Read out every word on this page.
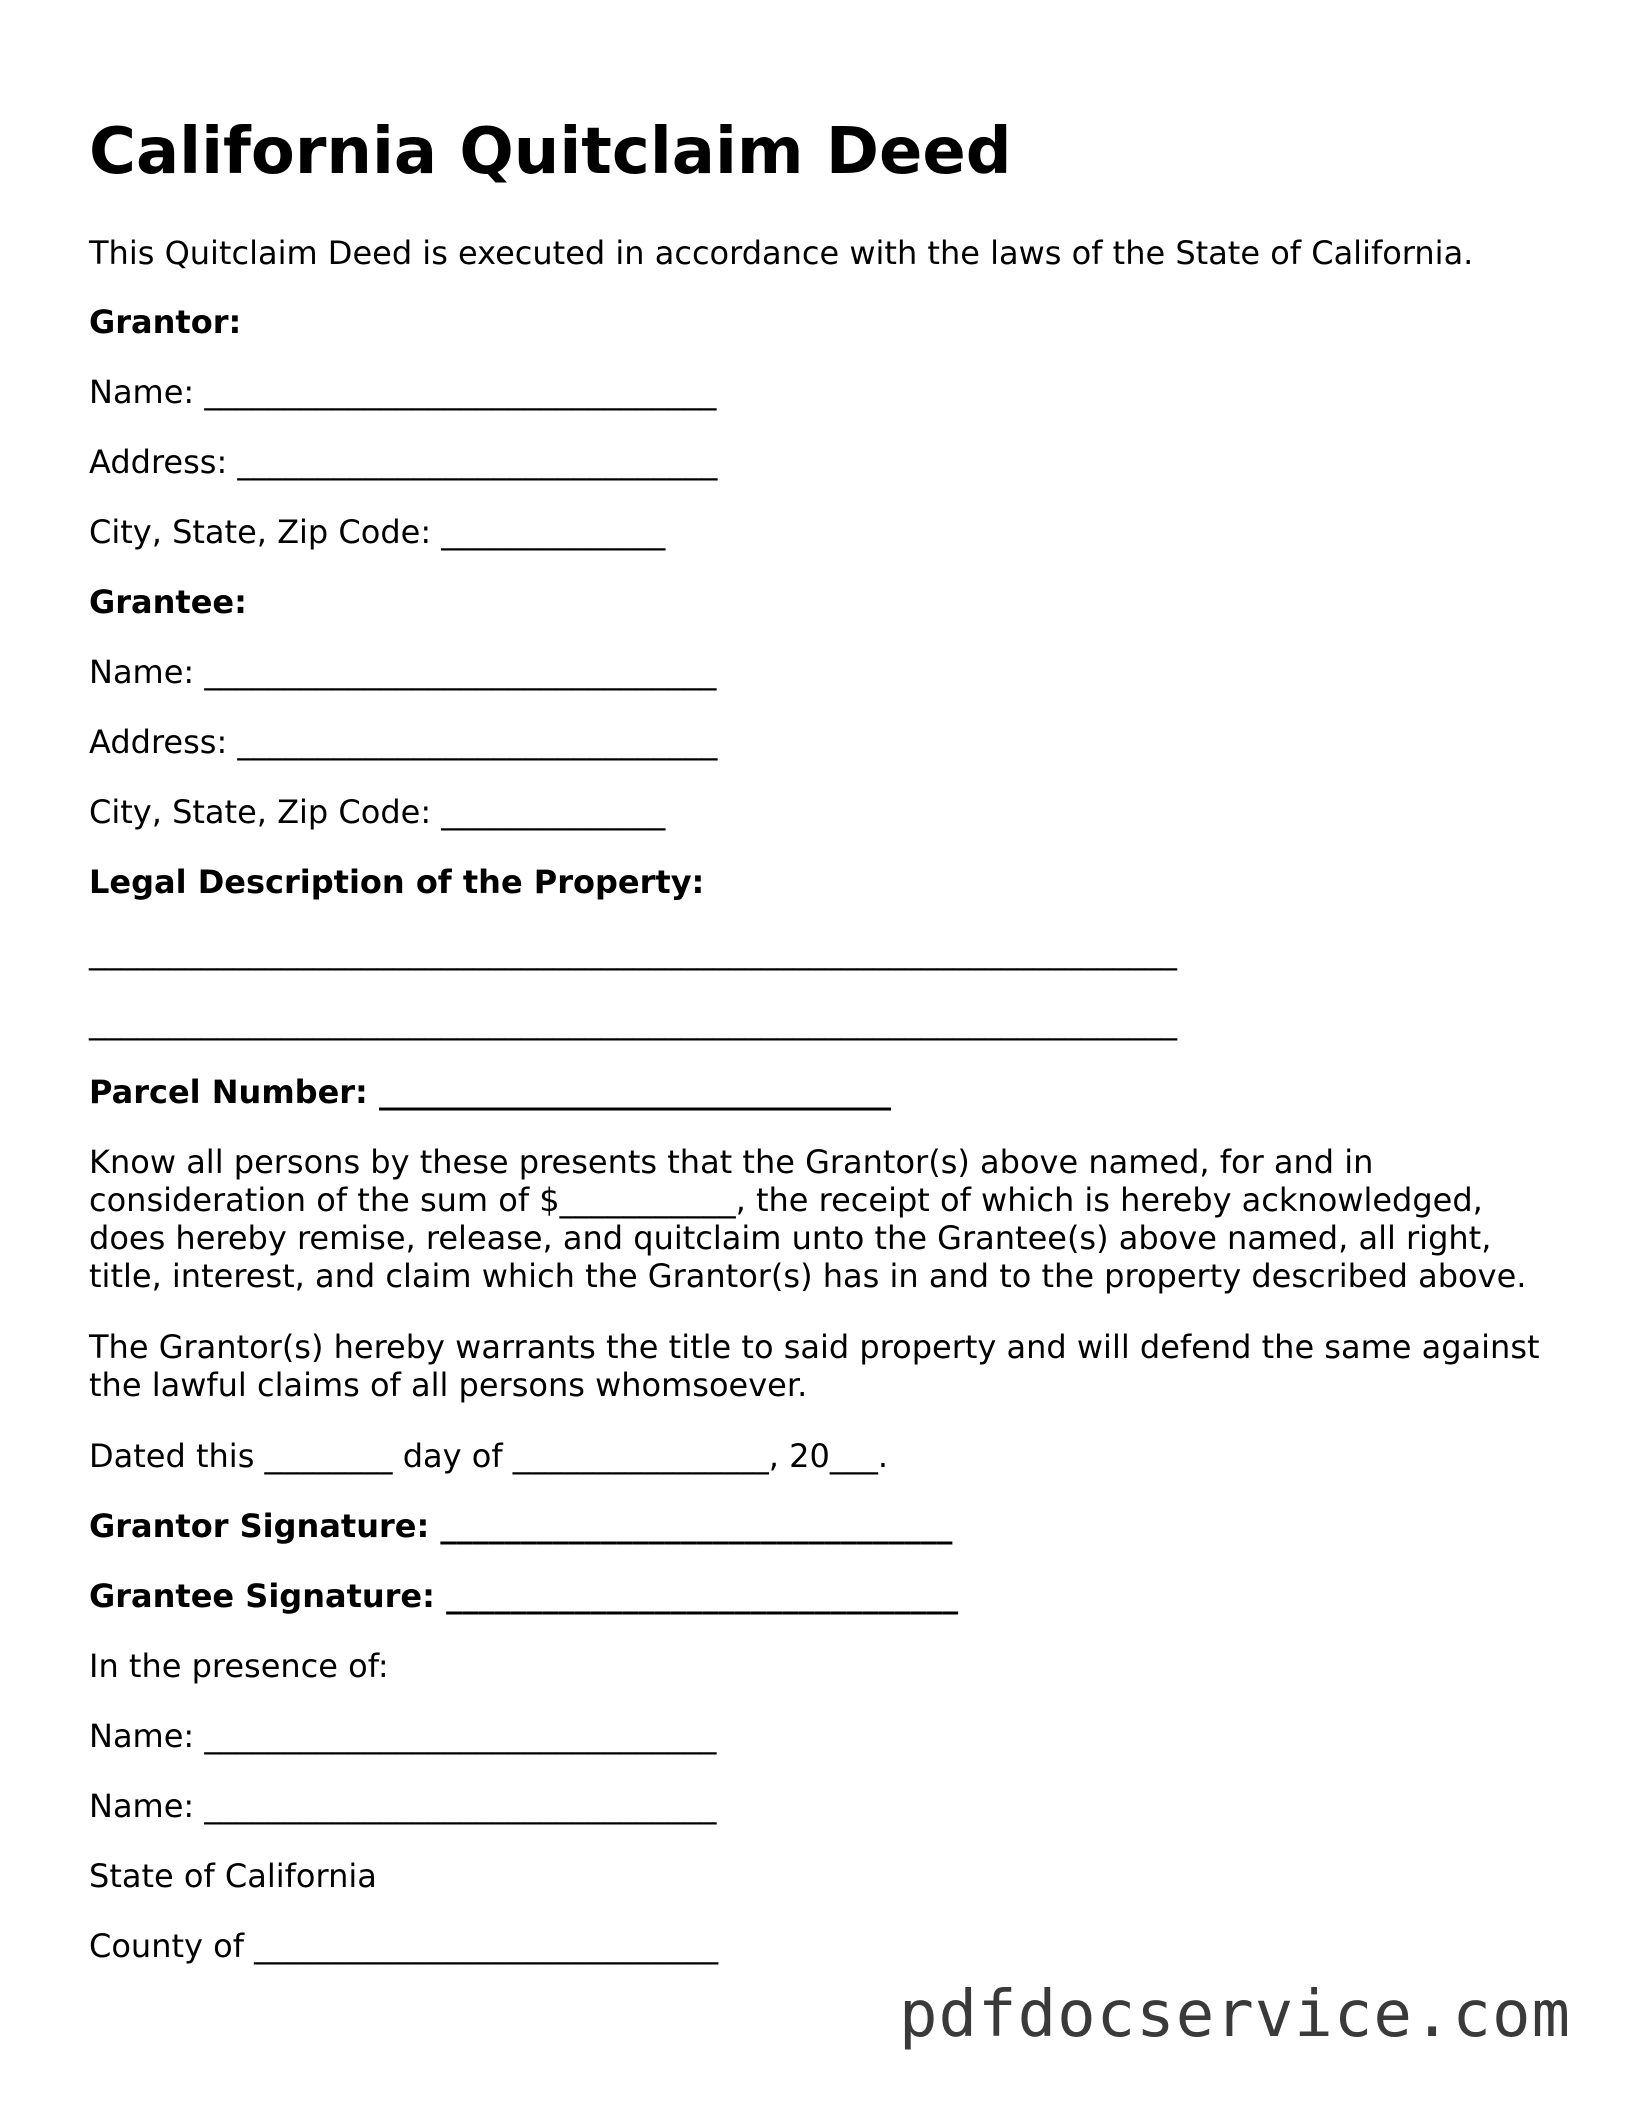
California Quitclaim Deed
This Quitclaim Deed is executed in accordance with the laws of the State of California.
Grantor:
Name: ________________________________
Address: ______________________________
City, State, Zip Code: ______________
Grantee:
Name: ________________________________
Address: ______________________________
City, State, Zip Code: ______________
Legal Description of the Property:
____________________________________________________________________
____________________________________________________________________
Parcel Number: ________________________________

Know all persons by these presents that the Grantor(s) above named, for and in consideration of the sum of $___________, the receipt of which is hereby acknowledged, does hereby remise, release, and quitclaim unto the Grantee(s) above named, all right, title, interest, and claim which the Grantor(s) has in and to the property described above.

The Grantor(s) hereby warrants the title to said property and will defend the same against the lawful claims of all persons whomsoever.

Dated this ________ day of ________________, 20___.
Grantor Signature: ________________________________
Grantee Signature: ________________________________
In the presence of:
Name: ________________________________
Name: ________________________________
State of California
County of _____________________________
pdfdocservice.com
